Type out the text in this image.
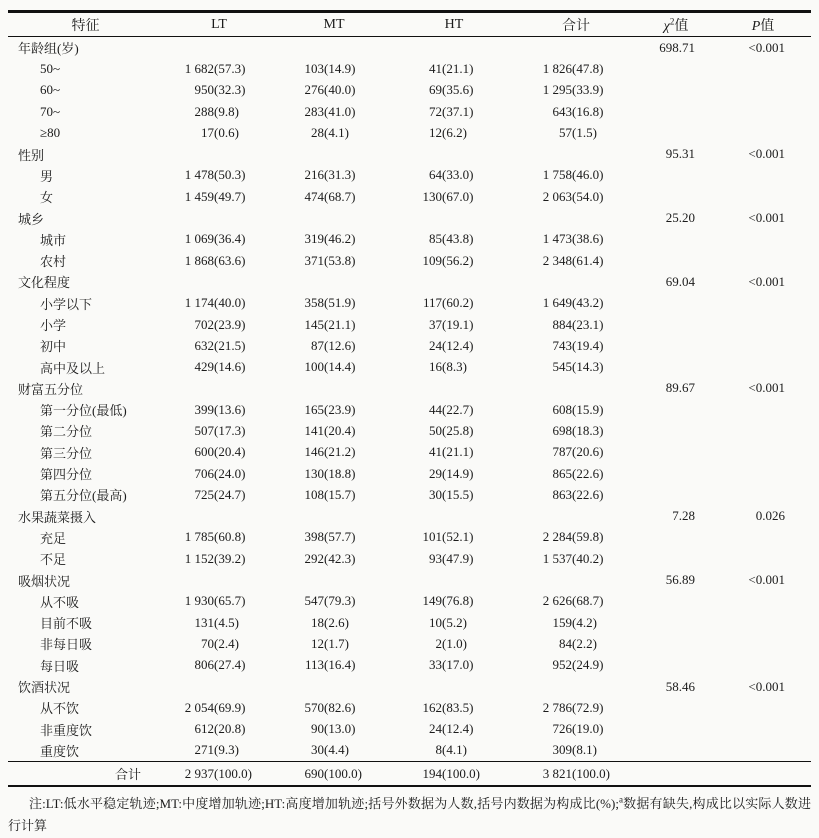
特征	LT	MT	HT	合计	$\chi^2$值	P值
年龄组(岁)					698.71	<0.001
50~	1 682 (57.3)	103 (14.9)	41 (21.1)	1 826 (47.8)		

60~	950 (32.3)	276 (40.0)	69 (35.6)	1 295 (33.9)		

70~	288 (9.8)	283 (41.0)	72 (37.1)	643 (16.8)		

≥80	17 (0.6)	28 (4.1)	12 (6.2)	57 (1.5)		

性别					95.31	<0.001
男	1 478 (50.3)	216 (31.3)	64 (33.0)	1 758 (46.0)		

女	1 459 (49.7)	474 (68.7)	130 (67.0)	2 063 (54.0)		

城乡					25.20	<0.001
城市	1 069 (36.4)	319 (46.2)	85 (43.8)	1 473 (38.6)		

农村	1 868 (63.6)	371 (53.8)	109 (56.2)	2 348 (61.4)		

文化程度					69.04	<0.001
小学以下	1 174 (40.0)	358 (51.9)	117 (60.2)	1 649 (43.2)		

小学	702 (23.9)	145 (21.1)	37 (19.1)	884 (23.1)		

初中	632 (21.5)	87 (12.6)	24 (12.4)	743 (19.4)		

高中及以上	429 (14.6)	100 (14.4)	16 (8.3)	545 (14.3)		

财富五分位					89.67	<0.001
第一分位(最低)	399 (13.6)	165 (23.9)	44 (22.7)	608 (15.9)		

第二分位	507 (17.3)	141 (20.4)	50 (25.8)	698 (18.3)		

第三分位	600 (20.4)	146 (21.2)	41 (21.1)	787 (20.6)		

第四分位	706 (24.0)	130 (18.8)	29 (14.9)	865 (22.6)		

第五分位(最高)	725 (24.7)	108 (15.7)	30 (15.5)	863 (22.6)		

水果蔬菜摄入					7.28	0.026
充足	1 785 (60.8)	398 (57.7)	101 (52.1)	2 284 (59.8)		

不足	1 152 (39.2)	292 (42.3)	93 (47.9)	1 537 (40.2)		

吸烟状况					56.89	<0.001
从不吸	1 930 (65.7)	547 (79.3)	149 (76.8)	2 626 (68.7)		

目前不吸	131 (4.5)	18 (2.6)	10 (5.2)	159 (4.2)		

非每日吸	70 (2.4)	12 (1.7)	2 (1.0)	84 (2.2)		

每日吸	806 (27.4)	113 (16.4)	33 (17.0)	952 (24.9)		

饮酒状况					58.46	<0.001
从不饮	2 054 (69.9)	570 (82.6)	162 (83.5)	2 786 (72.9)		

非重度饮	612 (20.8)	90 (13.0)	24 (12.4)	726 (19.0)		

重度饮	271 (9.3)	30 (4.4)	8 (4.1)	309 (8.1)		

合计	2 937 (100.0)	690 (100.0)	194 (100.0)	3 821 (100.0)		

注:LT:低水平稳定轨迹;MT:中度增加轨迹;HT:高度增加轨迹;括号外数据为人数,括号内数据为构成比(%);$^a$数据有缺失,构成比以实际人数进行计算
